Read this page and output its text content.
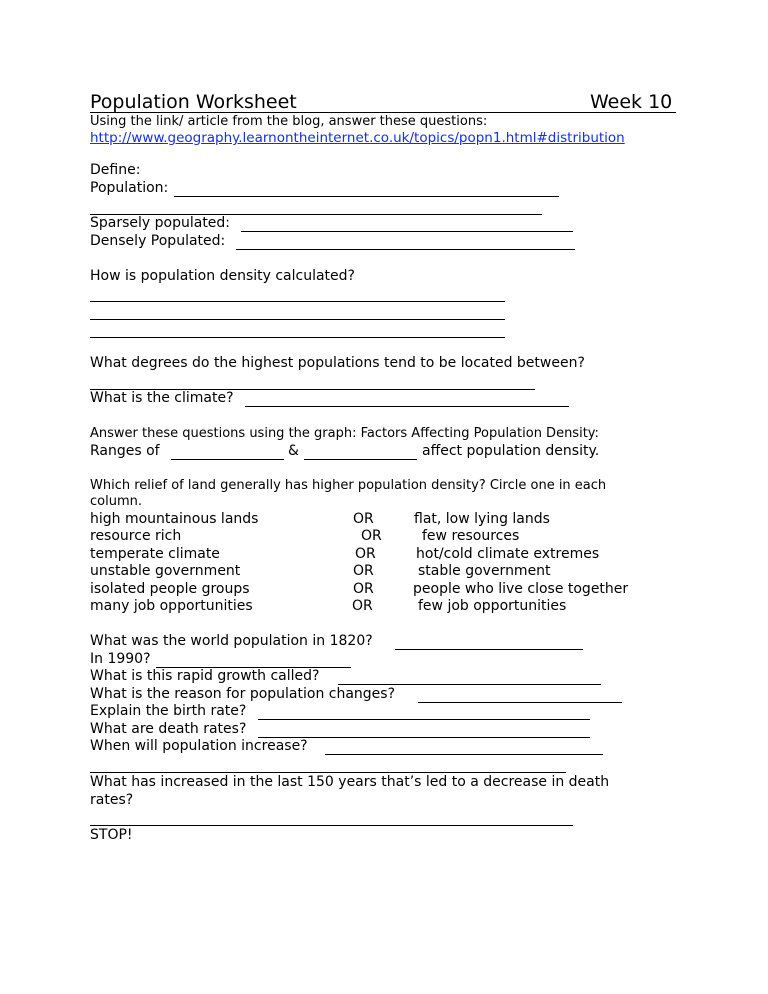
Population Worksheet	Week 10
Using the link/ article from the blog, answer these questions:
http://www.geography.learnontheinternet.co.uk/topics/popn1.html#distribution
Define:
Population:
Sparsely populated:
Densely Populated:
How is population density calculated?
What degrees do the highest populations tend to be located between?
What is the climate?
Answer these questions using the graph: Factors Affecting Population Density:
Ranges of	&	affect population density.
Which relief of land generally has higher population density? Circle one in each
column.
high mountainous lands	OR	flat, low lying lands
resource rich	OR	few resources
temperate climate	OR	hot/cold climate extremes
unstable government	OR	stable government
isolated people groups	OR	people who live close together
many job opportunities	OR	few job opportunities
What was the world population in 1820?
In 1990?
What is this rapid growth called?
What is the reason for population changes?
Explain the birth rate?
What are death rates?
When will population increase?
What has increased in the last 150 years that’s led to a decrease in death
rates?
STOP!
